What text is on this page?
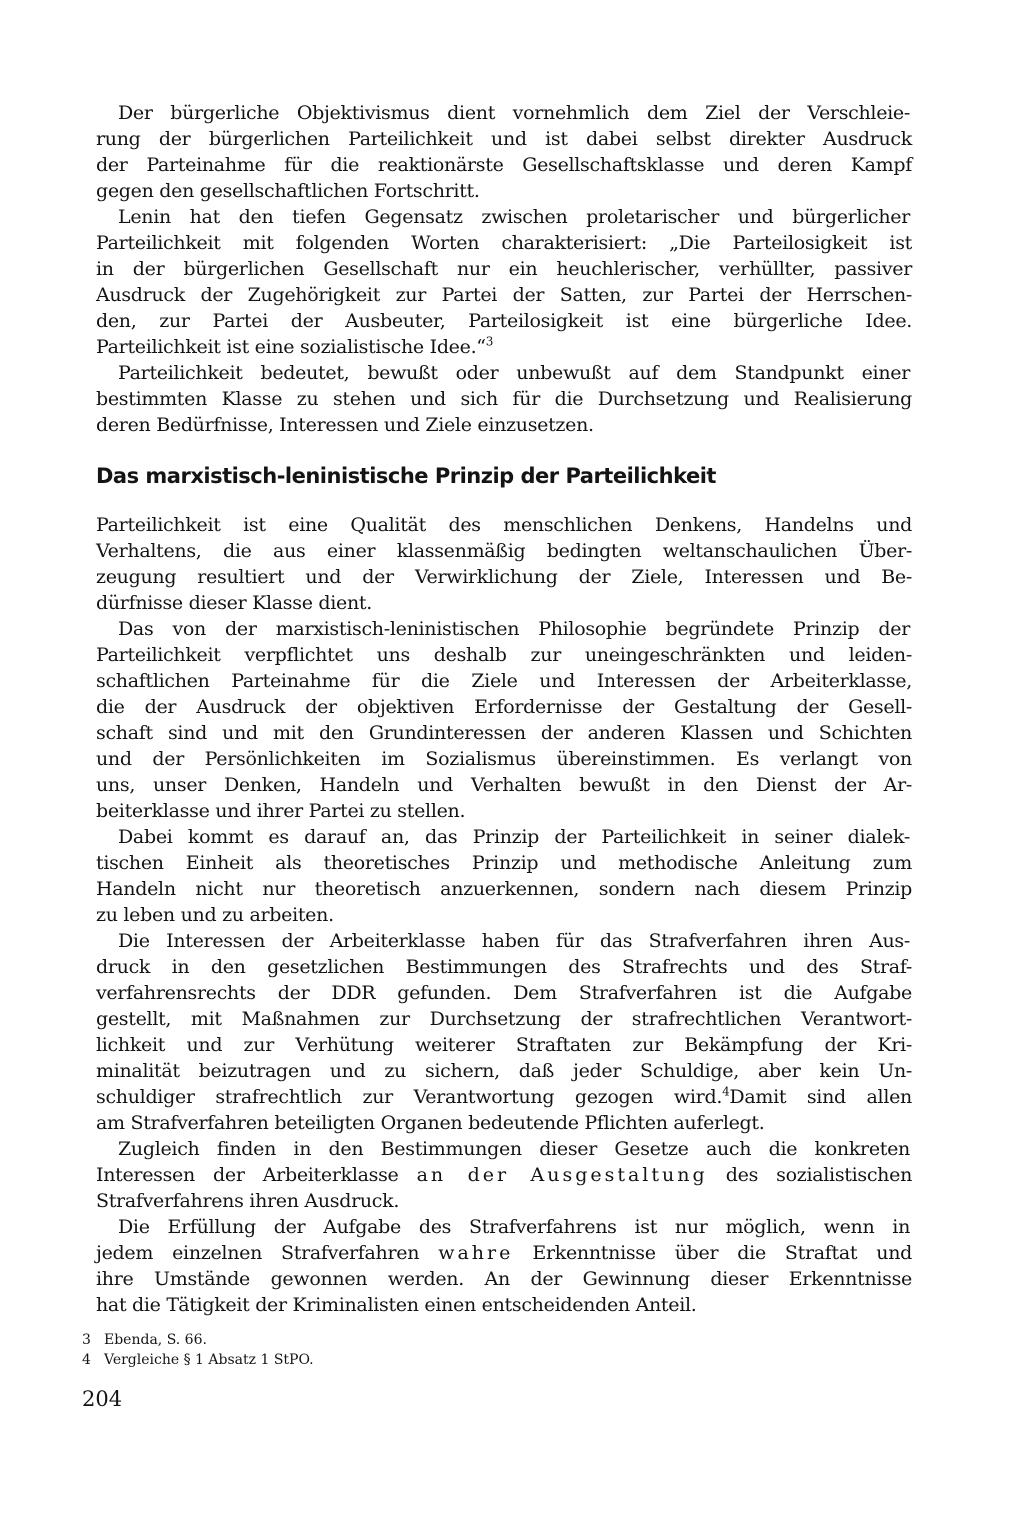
Der bürgerliche Objektivismus dient vornehmlich dem Ziel der Verschleie-
rung der bürgerlichen Parteilichkeit und ist dabei selbst direkter Ausdruck
der Parteinahme für die reaktionärste Gesellschaftsklasse und deren Kampf
gegen den gesellschaftlichen Fortschritt.
Lenin hat den tiefen Gegensatz zwischen proletarischer und bürgerlicher
Parteilichkeit mit folgenden Worten charakterisiert: „Die Parteilosigkeit ist
in der bürgerlichen Gesellschaft nur ein heuchlerischer, verhüllter, passiver
Ausdruck der Zugehörigkeit zur Partei der Satten, zur Partei der Herrschen-
den, zur Partei der Ausbeuter, Parteilosigkeit ist eine bürgerliche Idee.
Parteilichkeit ist eine sozialistische Idee.“$^3$
Parteilichkeit bedeutet, bewußt oder unbewußt auf dem Standpunkt einer
bestimmten Klasse zu stehen und sich für die Durchsetzung und Realisierung
deren Bedürfnisse, Interessen und Ziele einzusetzen.
Das marxistisch-leninistische Prinzip der Parteilichkeit
Parteilichkeit ist eine Qualität des menschlichen Denkens, Handelns und
Verhaltens, die aus einer klassenmäßig bedingten weltanschaulichen Über-
zeugung resultiert und der Verwirklichung der Ziele, Interessen und Be-
dürfnisse dieser Klasse dient.
Das von der marxistisch-leninistischen Philosophie begründete Prinzip der
Parteilichkeit verpflichtet uns deshalb zur uneingeschränkten und leiden-
schaftlichen Parteinahme für die Ziele und Interessen der Arbeiterklasse,
die der Ausdruck der objektiven Erfordernisse der Gestaltung der Gesell-
schaft sind und mit den Grundinteressen der anderen Klassen und Schichten
und der Persönlichkeiten im Sozialismus übereinstimmen. Es verlangt von
uns, unser Denken, Handeln und Verhalten bewußt in den Dienst der Ar-
beiterklasse und ihrer Partei zu stellen.
Dabei kommt es darauf an, das Prinzip der Parteilichkeit in seiner dialek-
tischen Einheit als theoretisches Prinzip und methodische Anleitung zum
Handeln nicht nur theoretisch anzuerkennen, sondern nach diesem Prinzip
zu leben und zu arbeiten.
Die Interessen der Arbeiterklasse haben für das Strafverfahren ihren Aus-
druck in den gesetzlichen Bestimmungen des Strafrechts und des Straf-
verfahrensrechts der DDR gefunden. Dem Strafverfahren ist die Aufgabe
gestellt, mit Maßnahmen zur Durchsetzung der strafrechtlichen Verantwort-
lichkeit und zur Verhütung weiterer Straftaten zur Bekämpfung der Kri-
minalität beizutragen und zu sichern, daß jeder Schuldige, aber kein Un-
schuldiger strafrechtlich zur Verantwortung gezogen wird.$^4$Damit sind allen
am Strafverfahren beteiligten Organen bedeutende Pflichten auferlegt.
Zugleich finden in den Bestimmungen dieser Gesetze auch die konkreten
Interessen der Arbeiterklasse an der Ausgestaltung des sozialistischen
Strafverfahrens ihren Ausdruck.
Die Erfüllung der Aufgabe des Strafverfahrens ist nur möglich, wenn in
jedem einzelnen Strafverfahren wahre Erkenntnisse über die Straftat und
ihre Umstände gewonnen werden. An der Gewinnung dieser Erkenntnisse
hat die Tätigkeit der Kriminalisten einen entscheidenden Anteil.
3 Ebenda, S. 66.
4 Vergleiche § 1 Absatz 1 StPO.
204
